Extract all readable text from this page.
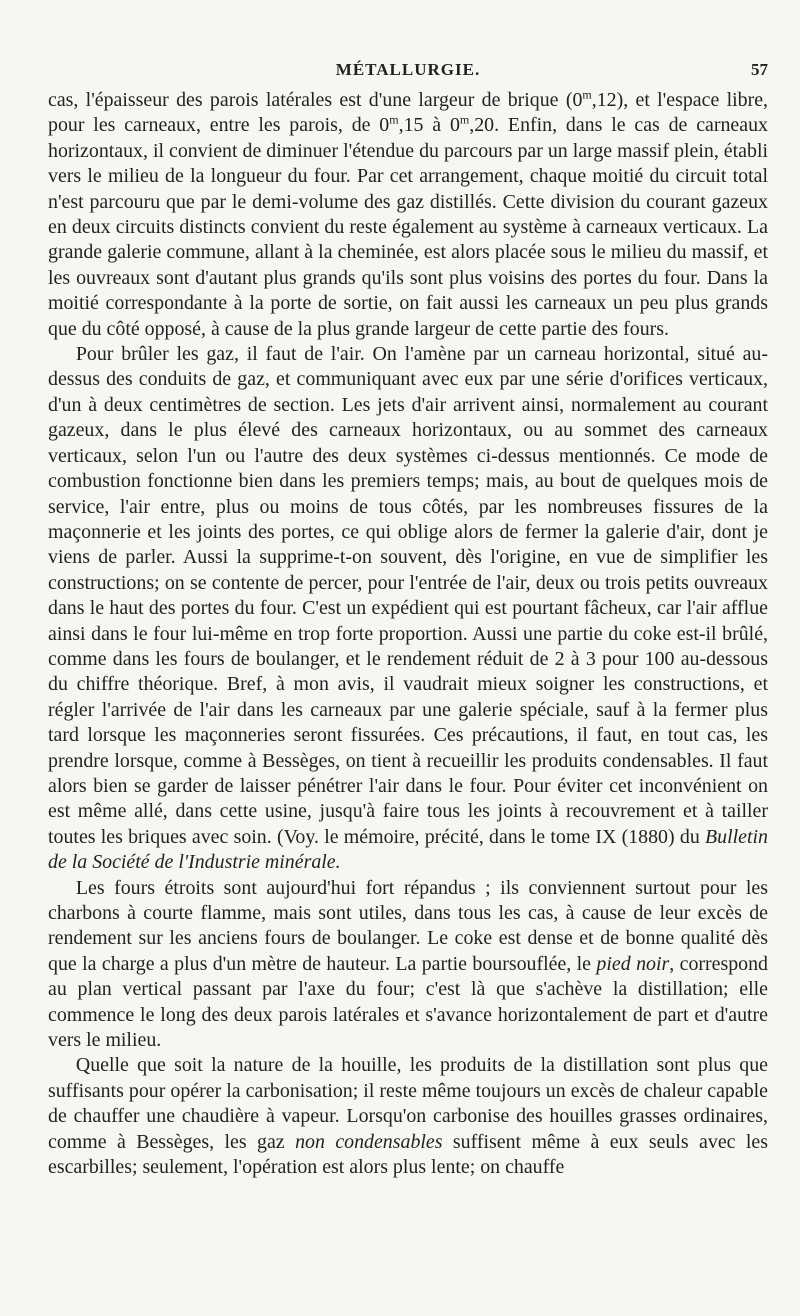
MÉTALLURGIE.	57

cas, l'épaisseur des parois latérales est d'une largeur de brique (0$^m$,12), et l'espace libre, pour les carneaux, entre les parois, de 0$^m$,15 à 0$^m$,20. Enfin, dans le cas de carneaux horizontaux, il convient de diminuer l'étendue du parcours par un large massif plein, établi vers le milieu de la longueur du four. Par cet arrangement, chaque moitié du circuit total n'est parcouru que par le demi-volume des gaz distillés. Cette division du courant gazeux en deux circuits distincts convient du reste également au système à carneaux verticaux. La grande galerie commune, allant à la cheminée, est alors placée sous le milieu du massif, et les ouvreaux sont d'autant plus grands qu'ils sont plus voisins des portes du four. Dans la moitié correspondante à la porte de sortie, on fait aussi les carneaux un peu plus grands que du côté opposé, à cause de la plus grande largeur de cette partie des fours.

Pour brûler les gaz, il faut de l'air. On l'amène par un carneau horizontal, situé au-dessus des conduits de gaz, et communiquant avec eux par une série d'orifices verticaux, d'un à deux centimètres de section. Les jets d'air arrivent ainsi, normalement au courant gazeux, dans le plus élevé des carneaux horizontaux, ou au sommet des carneaux verticaux, selon l'un ou l'autre des deux systèmes ci-dessus mentionnés. Ce mode de combustion fonctionne bien dans les premiers temps; mais, au bout de quelques mois de service, l'air entre, plus ou moins de tous côtés, par les nombreuses fissures de la maçonnerie et les joints des portes, ce qui oblige alors de fermer la galerie d'air, dont je viens de parler. Aussi la supprime-t-on souvent, dès l'origine, en vue de simplifier les constructions; on se contente de percer, pour l'entrée de l'air, deux ou trois petits ouvreaux dans le haut des portes du four. C'est un expédient qui est pourtant fâcheux, car l'air afflue ainsi dans le four lui-même en trop forte proportion. Aussi une partie du coke est-il brûlé, comme dans les fours de boulanger, et le rendement réduit de 2 à 3 pour 100 au-dessous du chiffre théorique. Bref, à mon avis, il vaudrait mieux soigner les constructions, et régler l'arrivée de l'air dans les carneaux par une galerie spéciale, sauf à la fermer plus tard lorsque les maçonneries seront fissurées. Ces précautions, il faut, en tout cas, les prendre lorsque, comme à Bessèges, on tient à recueillir les produits condensables. Il faut alors bien se garder de laisser pénétrer l'air dans le four. Pour éviter cet inconvénient on est même allé, dans cette usine, jusqu'à faire tous les joints à recouvrement et à tailler toutes les briques avec soin. (Voy. le mémoire, précité, dans le tome IX (1880) du Bulletin de la Société de l'Industrie minérale.

Les fours étroits sont aujourd'hui fort répandus ; ils conviennent surtout pour les charbons à courte flamme, mais sont utiles, dans tous les cas, à cause de leur excès de rendement sur les anciens fours de boulanger. Le coke est dense et de bonne qualité dès que la charge a plus d'un mètre de hauteur. La partie boursouflée, le pied noir, correspond au plan vertical passant par l'axe du four; c'est là que s'achève la distillation; elle commence le long des deux parois latérales et s'avance horizontalement de part et d'autre vers le milieu.

Quelle que soit la nature de la houille, les produits de la distillation sont plus que suffisants pour opérer la carbonisation; il reste même toujours un excès de chaleur capable de chauffer une chaudière à vapeur. Lorsqu'on carbonise des houilles grasses ordinaires, comme à Bessèges, les gaz non condensables suffisent même à eux seuls avec les escarbilles; seulement, l'opération est alors plus lente; on chauffe
